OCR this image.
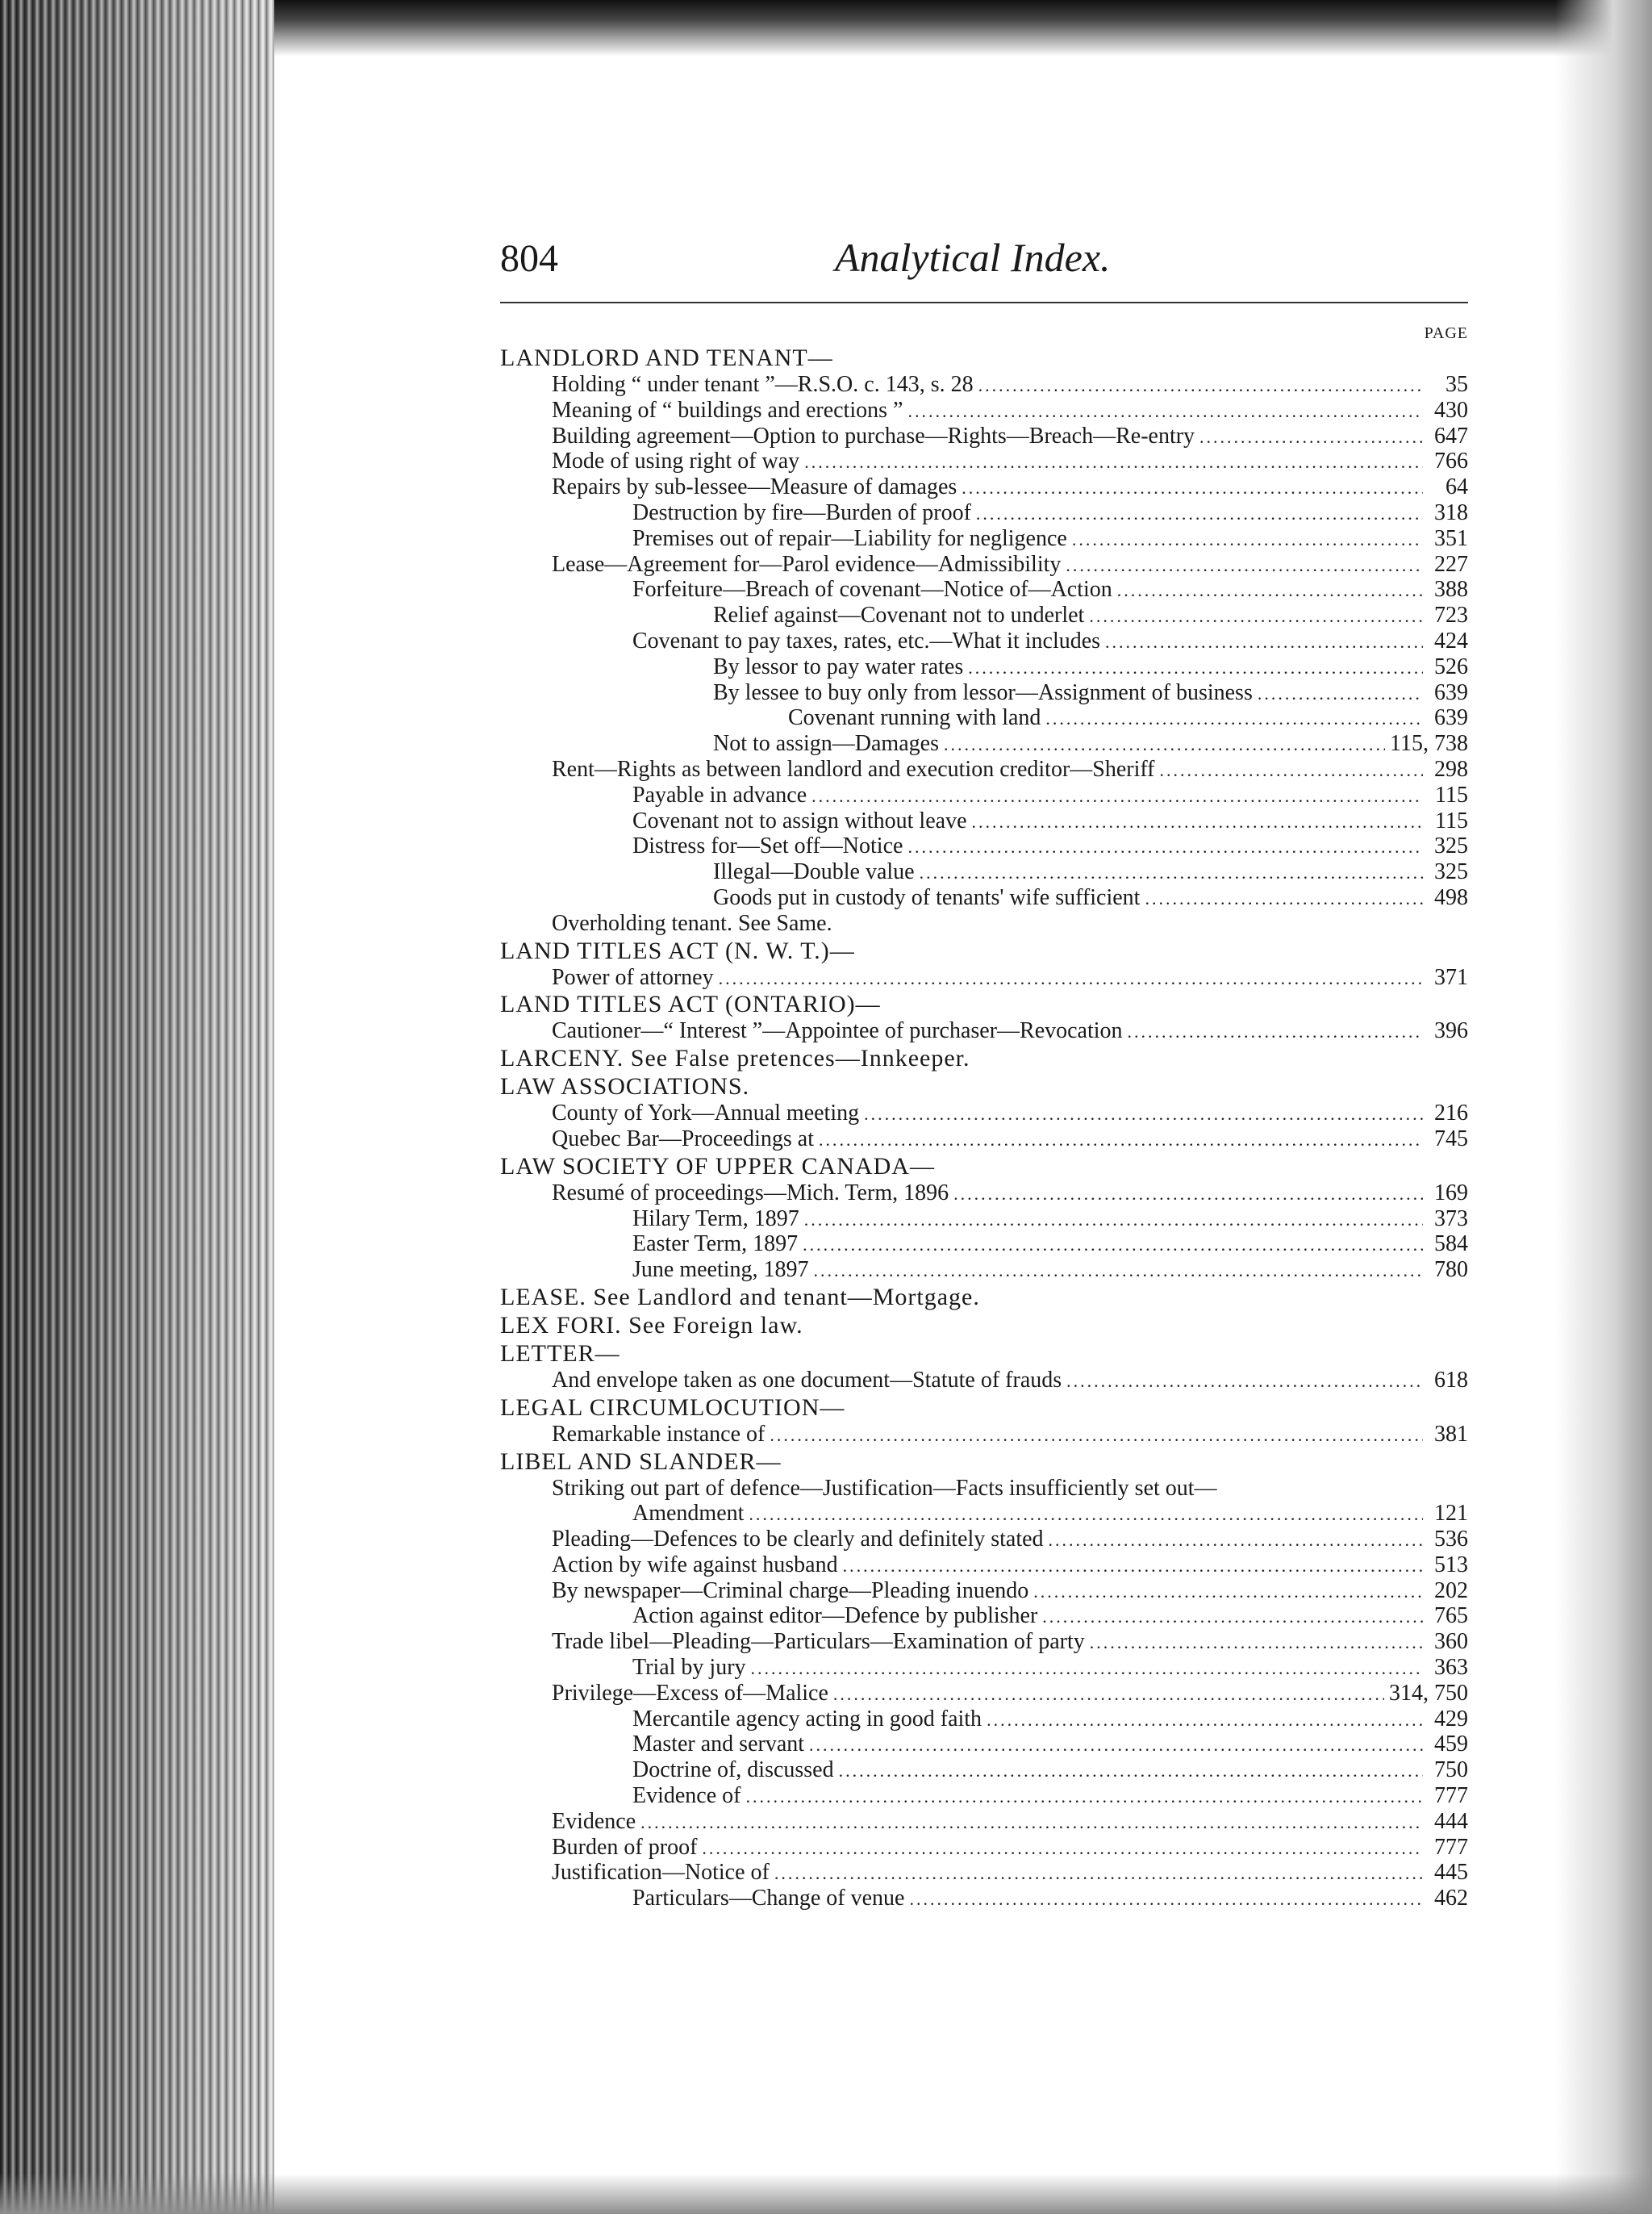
804	Analytical Index.
PAGE
LANDLORD AND TENANT—
Holding “ under tenant ”—R.S.O. c. 143, s. 28 .....	35
Meaning of “ buildings and erections ” .....	430
Building agreement—Option to purchase—Rights—Breach—Re-entry .....	647
Mode of using right of way .....	766
Repairs by sub-lessee—Measure of damages .....	64
Destruction by fire—Burden of proof .....	318
Premises out of repair—Liability for negligence .....	351
Lease—Agreement for—Parol evidence—Admissibility .....	227
Forfeiture—Breach of covenant—Notice of—Action .....	388
Relief against—Covenant not to underlet .....	723
Covenant to pay taxes, rates, etc.—What it includes .....	424
By lessor to pay water rates .....	526
By lessee to buy only from lessor—Assignment of business .....	639
Covenant running with land .....	639
Not to assign—Damages .....	115, 738
Rent—Rights as between landlord and execution creditor—Sheriff .....	298
Payable in advance .....	115
Covenant not to assign without leave .....	115
Distress for—Set off—Notice .....	325
Illegal—Double value .....	325
Goods put in custody of tenants' wife sufficient .....	498
Overholding tenant. See Same.
LAND TITLES ACT (N. W. T.)—
Power of attorney .....	371
LAND TITLES ACT (ONTARIO)—
Cautioner—“ Interest ”—Appointee of purchaser—Revocation .....	396
LARCENY. See False pretences—Innkeeper.
LAW ASSOCIATIONS.
County of York—Annual meeting .....	216
Quebec Bar—Proceedings at .....	745
LAW SOCIETY OF UPPER CANADA—
Resumé of proceedings—Mich. Term, 1896 .....	169
Hilary Term, 1897 .....	373
Easter Term, 1897 .....	584
June meeting, 1897 .....	780
LEASE. See Landlord and tenant—Mortgage.
LEX FORI. See Foreign law.
LETTER—
And envelope taken as one document—Statute of frauds .....	618
LEGAL CIRCUMLOCUTION—
Remarkable instance of .....	381
LIBEL AND SLANDER—
Striking out part of defence—Justification—Facts insufficiently set out—
Amendment .....	121
Pleading—Defences to be clearly and definitely stated .....	536
Action by wife against husband .....	513
By newspaper—Criminal charge—Pleading inuendo .....	202
Action against editor—Defence by publisher .....	765
Trade libel—Pleading—Particulars—Examination of party .....	360
Trial by jury .....	363
Privilege—Excess of—Malice .....	314, 750
Mercantile agency acting in good faith .....	429
Master and servant .....	459
Doctrine of, discussed .....	750
Evidence of .....	777
Evidence .....	444
Burden of proof .....	777
Justification—Notice of .....	445
Particulars—Change of venue .....	462
